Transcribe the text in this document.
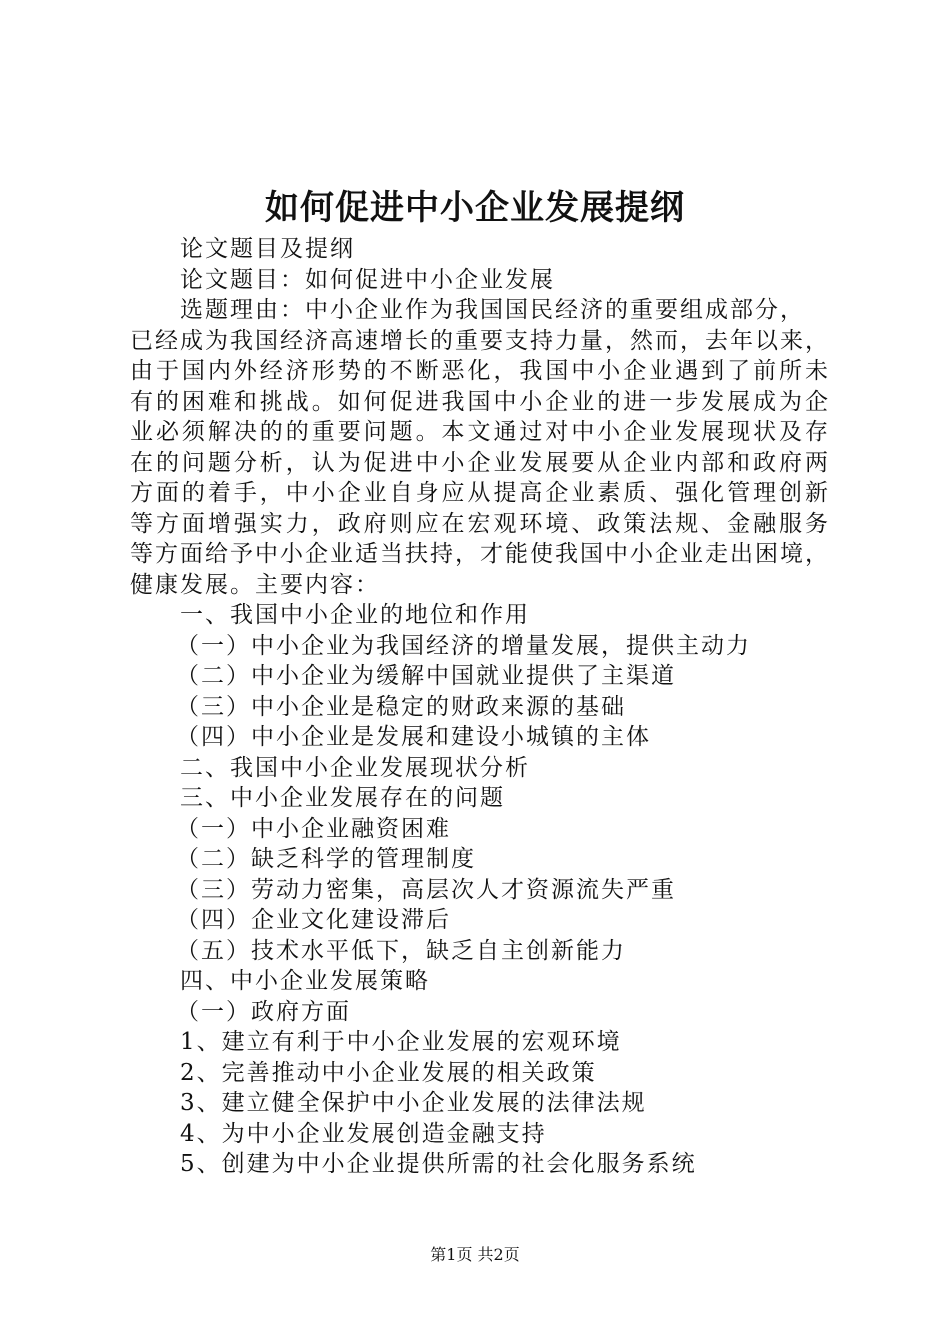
如何促进中小企业发展提纲
论文题目及提纲
论文题目：如何促进中小企业发展
选题理由：中小企业作为我国国民经济的重要组成部分，
已经成为我国经济高速增长的重要支持力量，然而，去年以来，
由于国内外经济形势的不断恶化，我国中小企业遇到了前所未
有的困难和挑战。如何促进我国中小企业的进一步发展成为企
业必须解决的的重要问题。本文通过对中小企业发展现状及存
在的问题分析，认为促进中小企业发展要从企业内部和政府两
方面的着手，中小企业自身应从提高企业素质、强化管理创新
等方面增强实力，政府则应在宏观环境、政策法规、金融服务
等方面给予中小企业适当扶持，才能使我国中小企业走出困境，
健康发展。主要内容：
一、我国中小企业的地位和作用
（一）中小企业为我国经济的增量发展，提供主动力
（二）中小企业为缓解中国就业提供了主渠道
（三）中小企业是稳定的财政来源的基础
（四）中小企业是发展和建设小城镇的主体
二、我国中小企业发展现状分析
三、中小企业发展存在的问题
（一）中小企业融资困难
（二）缺乏科学的管理制度
（三）劳动力密集，高层次人才资源流失严重
（四）企业文化建设滞后
（五）技术水平低下，缺乏自主创新能力
四、中小企业发展策略
（一）政府方面
1、建立有利于中小企业发展的宏观环境
2、完善推动中小企业发展的相关政策
3、建立健全保护中小企业发展的法律法规
4、为中小企业发展创造金融支持
5、创建为中小企业提供所需的社会化服务系统
第1页 共2页
